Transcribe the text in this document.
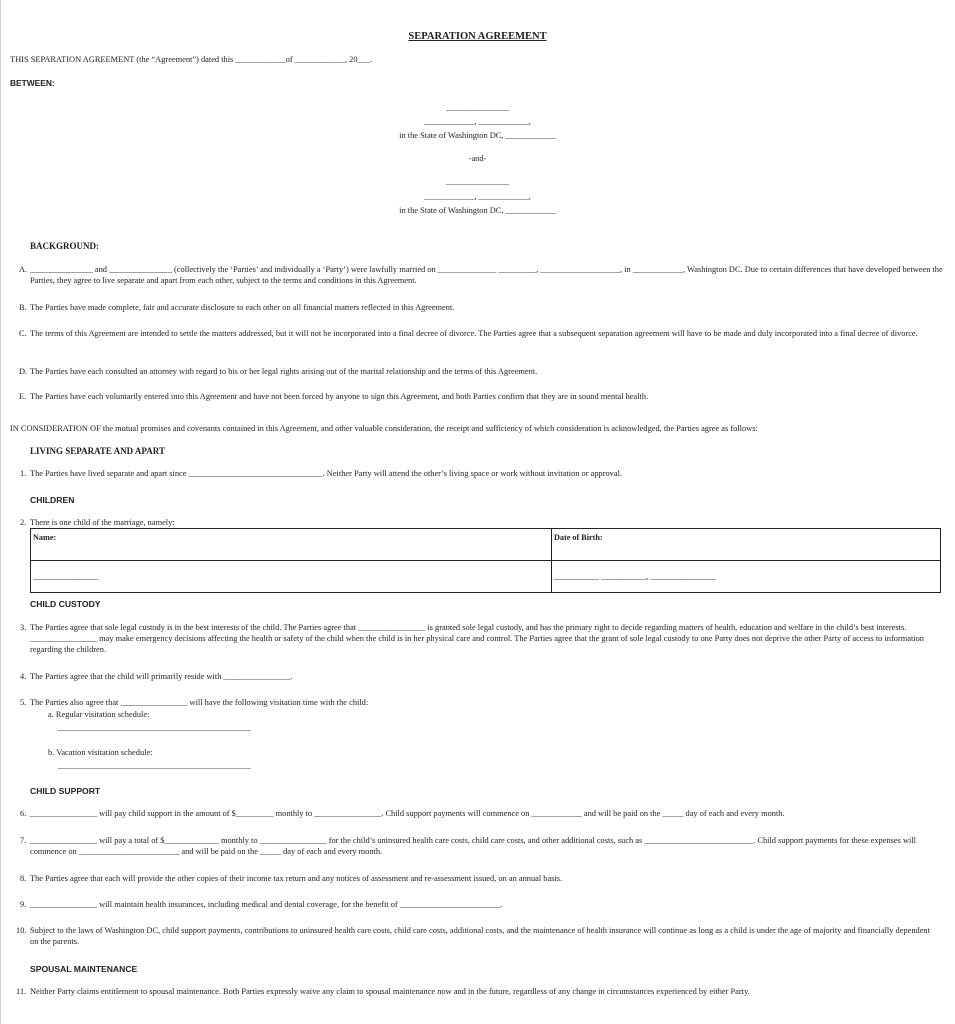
SEPARATION AGREEMENT
THIS SEPARATION AGREEMENT (the “Agreement”) dated this ____________of ____________, 20___.
BETWEEN:
_______________
____________, ____________,
in the State of Washington DC, ____________
-and-
_______________
____________, ____________,
in the State of Washington DC, ____________
BACKGROUND:
A. _______________ and _______________ (collectively the ‘Parties’ and individually a ‘Party’) were lawfully married on ______________ _________, ___________________, in ____________, Washington DC. Due to certain differences that have developed between the Parties, they agree to live separate and apart from each other, subject to the terms and conditions in this Agreement.
B. The Parties have made complete, fair and accurate disclosure to each other on all financial matters reflected in this Agreement.
C. The terms of this Agreement are intended to settle the matters addressed, but it will not be incorporated into a final decree of divorce. The Parties agree that a subsequent separation agreement will have to be made and duly incorporated into a final decree of divorce.
D. The Parties have each consulted an attorney with regard to his or her legal rights arising out of the marital relationship and the terms of this Agreement.
E. The Parties have each voluntarily entered into this Agreement and have not been forced by anyone to sign this Agreement, and both Parties confirm that they are in sound mental health.
IN CONSIDERATION OF the mutual promises and covenants contained in this Agreement, and other valuable consideration, the receipt and sufficiency of which consideration is acknowledged, the Parties agree as follows:
LIVING SEPARATE AND APART
1. The Parties have lived separate and apart since ________________________________. Neither Party will attend the other’s living space or work without invitation or approval.
CHILDREN
2. There is one child of the marriage, namely:
Name:	Date of Birth:
________________	___________ ___________, ________________
CHILD CUSTODY
3. The Parties agree that sole legal custody is in the best interests of the child. The Parties agree that ________________ is granted sole legal custody, and has the primary right to decide regarding matters of health, education and welfare in the child’s best interests. ________________ may make emergency decisions affecting the health or safety of the child when the child is in her physical care and control. The Parties agree that the grant of sole legal custody to one Party does not deprive the other Party of access to information regarding the children.
4. The Parties agree that the child will primarily reside with ________________.
5. The Parties also agree that ________________ will have the following visitation time with the child:
a. Regular visitation schedule:
______________________________________________
b. Vacation visitation schedule:
______________________________________________
CHILD SUPPORT
6. ________________ will pay child support in the amount of $_________ monthly to ________________. Child support payments will commence on ____________ and will be paid on the _____ day of each and every month.
7. ________________ will pay a total of $_____________ monthly to ________________ for the child’s uninsured health care costs, child care costs, and other additional costs, such as __________________________. Child support payments for these expenses will commence on ________________________ and will be paid on the _____ day of each and every month.
8. The Parties agree that each will provide the other copies of their income tax return and any notices of assessment and re-assessment issued, on an annual basis.
9. ________________ will maintain health insurances, including medical and dental coverage, for the benefit of ________________________.
10. Subject to the laws of Washington DC, child support payments, contributions to uninsured health care costs, child care costs, additional costs, and the maintenance of health insurance will continue as long as a child is under the age of majority and financially dependent on the parents.
SPOUSAL MAINTENANCE
11. Neither Party claims entitlement to spousal maintenance. Both Parties expressly waive any claim to spousal maintenance now and in the future, regardless of any change in circumstances experienced by either Party.
